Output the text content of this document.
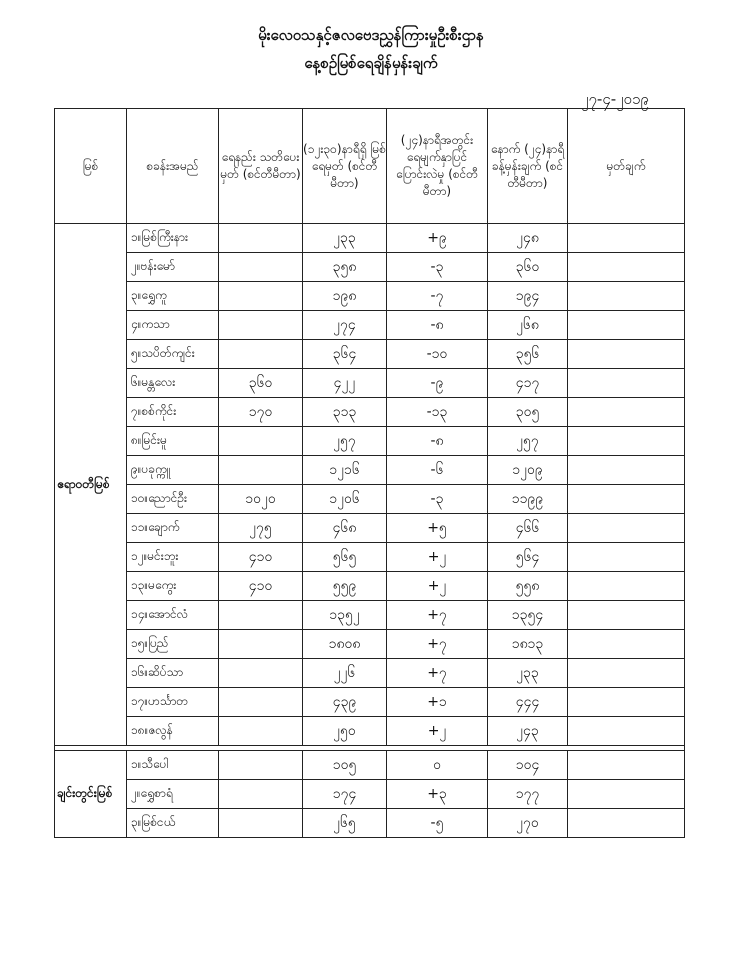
မိုးလေဝသနှင့်ဇလဗေဒညွှန်ကြားမှုဦးစီးဌာန
နေ့စဉ်မြစ်ရေချိန်မှန်းချက်
၂၇-၄-၂၀၁၉
မြစ်	စခန်းအမည်	ရေနည်း သတိပေးမှတ် (စင်တီမီတာ)	(၁၂း၃၀)နာရီရှိ မြစ်ရေမှတ် (စင်တီမီတာ)	(၂၄)နာရီအတွင်း ရေမျက်နှာပြင် ပြောင်းလဲမှု (စင်တီမီတာ)	နောက် (၂၄)နာရီ ခန့်မှန်းချက် (စင်တီမီတာ)	မှတ်ချက်
ဧရာဝတီမြစ်	၁။မြစ်ကြီးနား		၂၃၃	+၉	၂၄၈	
	၂။ဗန်းမော်		၃၅၈	-၃	၃၆၀	
	၃။ရွှေကူ		၁၉၈	-၇	၁၉၄	
	၄။ကသာ		၂၇၄	-၈	၂၆၈	
	၅။သပိတ်ကျင်း		၃၆၄	-၁၀	၃၅၆	
	၆။မန္တလေး	၃၆၀	၄၂၂	-၉	၄၁၇	
	၇။စစ်ကိုင်း	၁၇၀	၃၁၃	-၁၃	၃၀၅	
	၈။မြင်းမူ		၂၅၇	-၈	၂၅၇	
	၉။ပခုက္ကူ		၁၂၁၆	-၆	၁၂၀၉	
	၁၀။ညောင်ဦး	၁၀၂၀	၁၂၀၆	-၃	၁၁၉၉	
	၁၁။ချောက်	၂၇၅	၄၆၈	+၅	၄၆၆	
	၁၂။မင်းဘူး	၄၁၀	၅၆၅	+၂	၅၆၄	
	၁၃။မကွေး	၄၁၀	၅၅၉	+၂	၅၅၈	
	၁၄။အောင်လံ		၁၃၅၂	+၇	၁၃၅၄	
	၁၅။ပြည်		၁၈၀၈	+၇	၁၈၁၃	
	၁၆။ဆိပ်သာ		၂၂၆	+၇	၂၃၃	
	၁၇။ဟင်္သာတ		၄၃၉	+၁	၄၄၄	
	၁၈။ဇလွန်		၂၅၀	+၂	၂၄၃	

ချင်းတွင်းမြစ်	၁။သီပေါ		၁၀၅	၀	၁၀၄	
	၂။ရွှေစာရံ		၁၇၄	+၃	၁၇၇	
	၃။မြစ်ငယ်		၂၆၅	-၅	၂၇၀	
